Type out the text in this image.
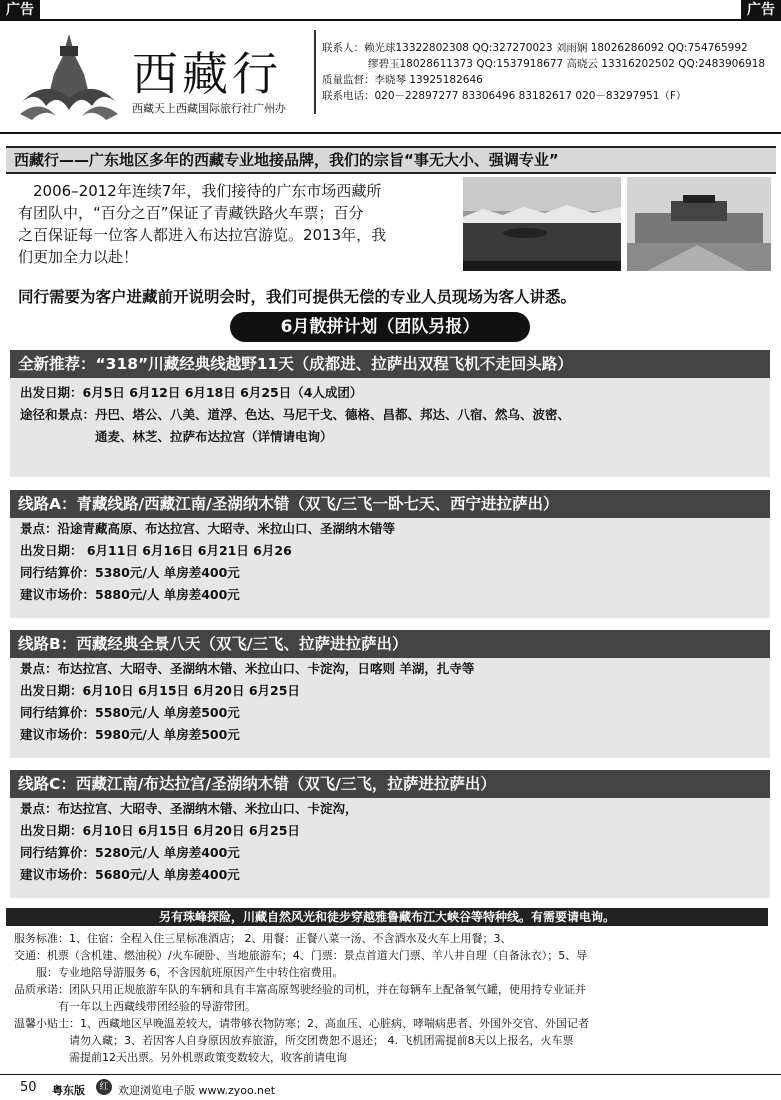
广告	广告
西藏行
西藏天上西藏国际旅行社广州办
联系人：赖光球13322802308 QQ:327270023 刘雨娴 18026286092 QQ:754765992
缪碧玉18028611373 QQ:1537918677 高晓云 13316202502 QQ:2483906918
质量监督：李晓琴 13925182646
联系电话：020－22897277 83306496 83182617 020－83297951（F）
西藏行——广东地区多年的西藏专业地接品牌，我们的宗旨“事无大小、强调专业”
　2006–2012年连续7年，我们接待的广东市场西藏所
有团队中，“百分之百”保证了青藏铁路火车票；百分
之百保证每一位客人都进入布达拉宫游览。2013年，我
们更加全力以赴！
同行需要为客户进藏前开说明会时，我们可提供无偿的专业人员现场为客人讲悉。
6月散拼计划（团队另报）
全新推荐：“318”川藏经典线越野11天（成都进、拉萨出双程飞机不走回头路）
出发日期：6月5日 6月12日 6月18日 6月25日（4人成团）
途径和景点：丹巴、塔公、八美、道浮、色达、马尼干戈、德格、昌都、邦达、八宿、然乌、波密、
　　　　　　通麦、林芝、拉萨布达拉宫（详情请电询）
线路A：青藏线路/西藏江南/圣湖纳木错（双飞/三飞一卧七天、西宁进拉萨出）
景点：沿途青藏高原、布达拉宫、大昭寺、米拉山口、圣湖纳木错等
出发日期： 6月11日 6月16日 6月21日 6月26
同行结算价：5380元/人 单房差400元
建议市场价：5880元/人 单房差400元
线路B：西藏经典全景八天（双飞/三飞、拉萨进拉萨出）
景点：布达拉宫、大昭寺、圣湖纳木错、米拉山口、卡淀沟，日喀则 羊湖，扎寺等
出发日期：6月10日 6月15日 6月20日 6月25日
同行结算价：5580元/人 单房差500元
建议市场价：5980元/人 单房差500元
线路C：西藏江南/布达拉宫/圣湖纳木错（双飞/三飞，拉萨进拉萨出）
景点：布达拉宫、大昭寺、圣湖纳木错、米拉山口、卡淀沟，
出发日期：6月10日 6月15日 6月20日 6月25日
同行结算价：5280元/人 单房差400元
建议市场价：5680元/人 单房差400元
另有珠峰探险，川藏自然风光和徒步穿越雅鲁藏布江大峡谷等特种线。有需要请电询。
服务标准：1、住宿：全程入住三星标准酒店； 2、用餐：正餐八菜一汤、不含酒水及火车上用餐；3、
交通：机票（含机建、燃油税）/火车硬卧、当地旅游车；4、门票：景点首道大门票、羊八井自理（自备泳衣）；5、导
　　服：专业地陪导游服务 6，不含因航班原因产生中转住宿费用。
品质承诺：团队只用正规旅游车队的车辆和具有丰富高原驾驶经验的司机，并在每辆车上配备氧气罐，使用持专业证并
　　　　有一年以上西藏线带团经验的导游带团。
温馨小贴士：1、西藏地区早晚温差较大，请带够衣物防寒；2、高血压、心脏病、哮喘病患者、外国外交官、外国记者
　　　　　请勿入藏；3、若因客人自身原因放弃旅游，所交团费恕不退还； 4. 飞机团需提前8天以上报名，火车票
　　　　　需提前12天出票。另外机票政策变数较大，收客前请电询
50 粤东版	红 欢迎浏览电子版 www.zyoo.net
